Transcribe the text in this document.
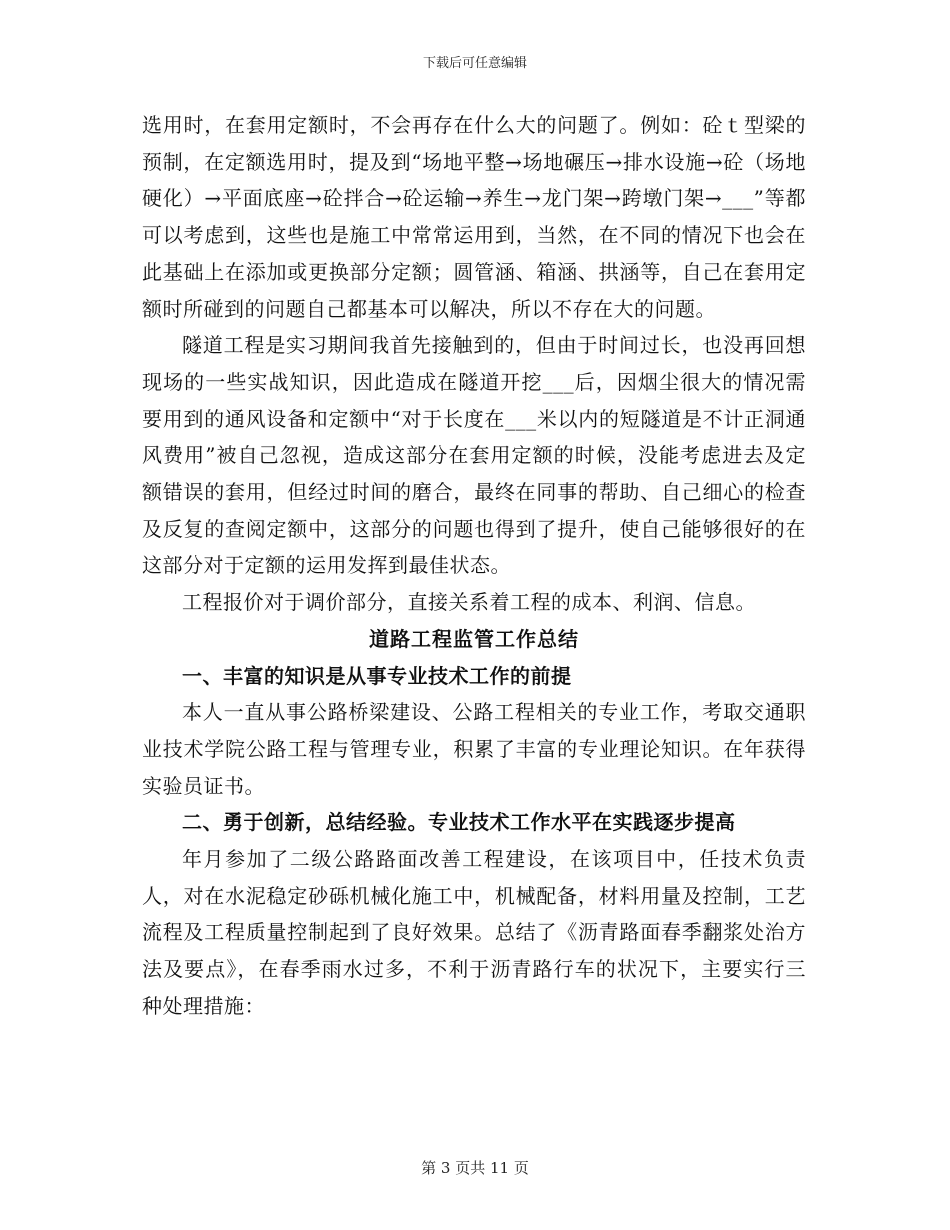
下载后可任意编辑

选用时，在套用定额时，不会再存在什么大的问题了。例如：砼ｔ型梁的预制，在定额选用时，提及到“场地平整→场地碾压→排水设施→砼（场地硬化）→平面底座→砼拌合→砼运输→养生→龙门架→跨墩门架→___”等都可以考虑到，这些也是施工中常常运用到，当然，在不同的情况下也会在此基础上在添加或更换部分定额；圆管涵、箱涵、拱涵等，自己在套用定额时所碰到的问题自己都基本可以解决，所以不存在大的问题。

隧道工程是实习期间我首先接触到的，但由于时间过长，也没再回想现场的一些实战知识，因此造成在隧道开挖___后，因烟尘很大的情况需要用到的通风设备和定额中“对于长度在___米以内的短隧道是不计正洞通风费用”被自己忽视，造成这部分在套用定额的时候，没能考虑进去及定额错误的套用，但经过时间的磨合，最终在同事的帮助、自己细心的检查及反复的查阅定额中，这部分的问题也得到了提升，使自己能够很好的在这部分对于定额的运用发挥到最佳状态。

工程报价对于调价部分，直接关系着工程的成本、利润、信息。

道路工程监管工作总结

一、丰富的知识是从事专业技术工作的前提

本人一直从事公路桥梁建设、公路工程相关的专业工作，考取交通职业技术学院公路工程与管理专业，积累了丰富的专业理论知识。在年获得实验员证书。

二、勇于创新，总结经验。专业技术工作水平在实践逐步提高

年月参加了二级公路路面改善工程建设，在该项目中，任技术负责人，对在水泥稳定砂砾机械化施工中，机械配备，材料用量及控制，工艺流程及工程质量控制起到了良好效果。总结了《沥青路面春季翻浆处治方法及要点》，在春季雨水过多，不利于沥青路行车的状况下，主要实行三种处理措施：

第 3 页共 11 页
